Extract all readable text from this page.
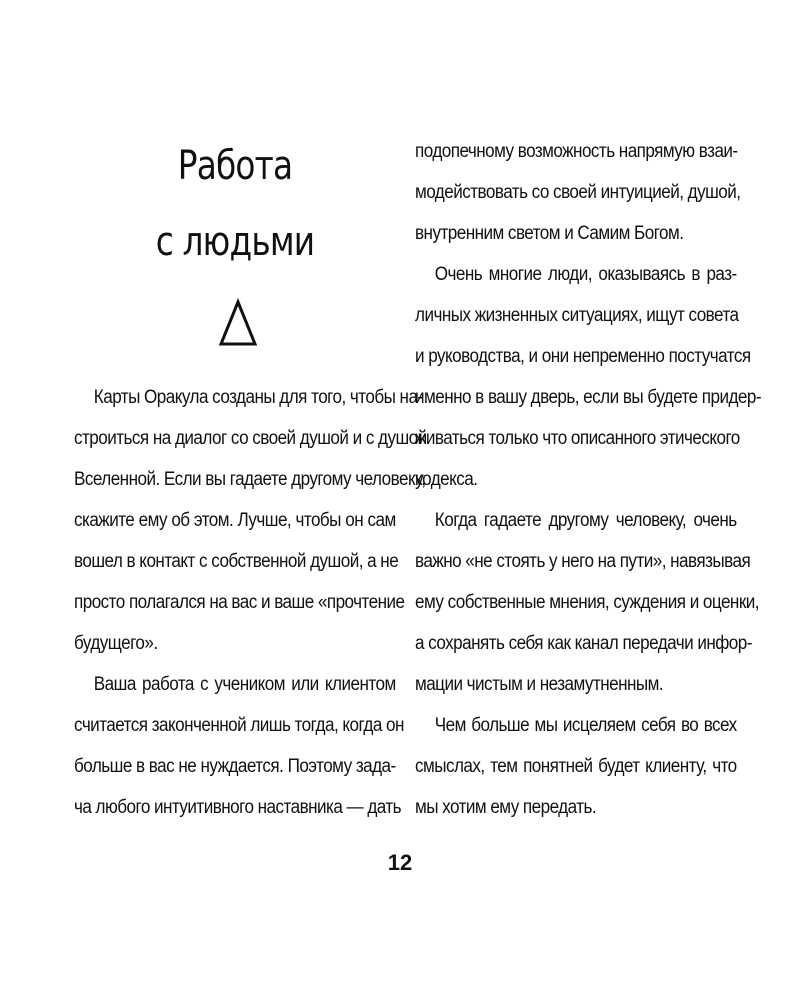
Работа
с людьми

Карты Оракула созданы для того, чтобы на-
строиться на диалог со своей душой и с душой
Вселенной. Если вы гадаете другому человеку,
скажите ему об этом. Лучше, чтобы он сам
вошел в контакт с собственной душой, а не
просто полагался на вас и ваше «прочтение
будущего».

Ваша работа с учеником или клиентом
считается законченной лишь тогда, когда он
больше в вас не нуждается. Поэтому зада-
ча любого интуитивного наставника — дать

подопечному возможность напрямую взаи-
модействовать со своей интуицией, душой,
внутренним светом и Самим Богом.

Очень многие люди, оказываясь в раз-
личных жизненных ситуациях, ищут совета
и руководства, и они непременно постучатся
именно в вашу дверь, если вы будете придер-
живаться только что описанного этического
кодекса.

Когда гадаете другому человеку, очень
важно «не стоять у него на пути», навязывая
ему собственные мнения, суждения и оценки,
а сохранять себя как канал передачи инфор-
мации чистым и незамутненным.

Чем больше мы исцеляем себя во всех
смыслах, тем понятней будет клиенту, что
мы хотим ему передать.

12
